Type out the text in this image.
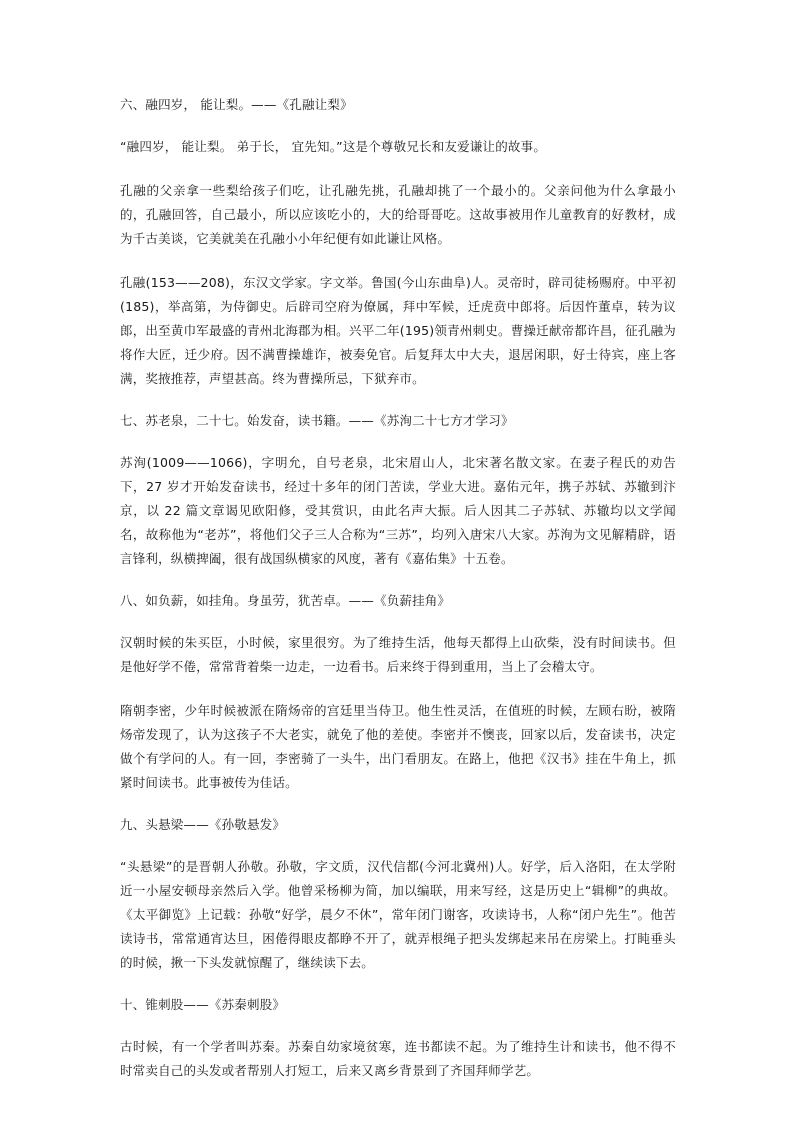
六、融四岁， 能让梨。——《孔融让梨》

“融四岁， 能让梨。 弟于长， 宜先知。”这是个尊敬兄长和友爱谦让的故事。

孔融的父亲拿一些梨给孩子们吃，让孔融先挑，孔融却挑了一个最小的。父亲问他为什么拿最小的，孔融回答，自己最小，所以应该吃小的，大的给哥哥吃。这故事被用作儿童教育的好教材，成为千古美谈，它美就美在孔融小小年纪便有如此谦让风格。

孔融(153——208)，东汉文学家。字文举。鲁国(今山东曲阜)人。灵帝时，辟司徒杨赐府。中平初(185)，举高第，为侍御史。后辟司空府为僚属，拜中军候，迁虎贲中郎将。后因忤董卓，转为议郎，出至黄巾军最盛的青州北海郡为相。兴平二年(195)领青州刺史。曹操迁献帝都许昌，征孔融为将作大匠，迁少府。因不满曹操雄诈，被奏免官。后复拜太中大夫，退居闲职，好士待宾，座上客满，奖掖推荐，声望甚高。终为曹操所忌，下狱弃市。

七、苏老泉，二十七。始发奋，读书籍。——《苏洵二十七方才学习》

苏洵(1009——1066)，字明允，自号老泉，北宋眉山人，北宋著名散文家。在妻子程氏的劝告下，27 岁才开始发奋读书，经过十多年的闭门苦读，学业大进。嘉佑元年，携子苏轼、苏辙到汴京，以 22 篇文章谒见欧阳修，受其赏识，由此名声大振。后人因其二子苏轼、苏辙均以文学闻名，故称他为“老苏”，将他们父子三人合称为“三苏”，均列入唐宋八大家。苏洵为文见解精辟，语言锋利，纵横捭阖，很有战国纵横家的风度，著有《嘉佑集》十五卷。

八、如负薪，如挂角。身虽劳，犹苦卓。——《负薪挂角》

汉朝时候的朱买臣，小时候，家里很穷。为了维持生活，他每天都得上山砍柴，没有时间读书。但是他好学不倦，常常背着柴一边走，一边看书。后来终于得到重用，当上了会稽太守。

隋朝李密，少年时候被派在隋炀帝的宫廷里当侍卫。他生性灵活，在值班的时候，左顾右盼，被隋炀帝发现了，认为这孩子不大老实，就免了他的差使。李密并不懊丧，回家以后，发奋读书，决定做个有学问的人。有一回，李密骑了一头牛，出门看朋友。在路上，他把《汉书》挂在牛角上，抓紧时间读书。此事被传为佳话。

九、头悬梁——《孙敬悬发》

“头悬梁”的是晋朝人孙敬。孙敬，字文质，汉代信都(今河北冀州)人。好学，后入洛阳，在太学附近一小屋安顿母亲然后入学。他曾采杨柳为简，加以编联，用来写经，这是历史上“辑柳”的典故。《太平御览》上记载：孙敬“好学，晨夕不休”，常年闭门谢客，攻读诗书，人称“闭户先生”。他苦读诗书，常常通宵达旦，困倦得眼皮都睁不开了，就弄根绳子把头发绑起来吊在房梁上。打盹垂头的时候，揪一下头发就惊醒了，继续读下去。

十、锥刺股——《苏秦刺股》

古时候，有一个学者叫苏秦。苏秦自幼家境贫寒，连书都读不起。为了维持生计和读书，他不得不时常卖自己的头发或者帮别人打短工，后来又离乡背景到了齐国拜师学艺。
